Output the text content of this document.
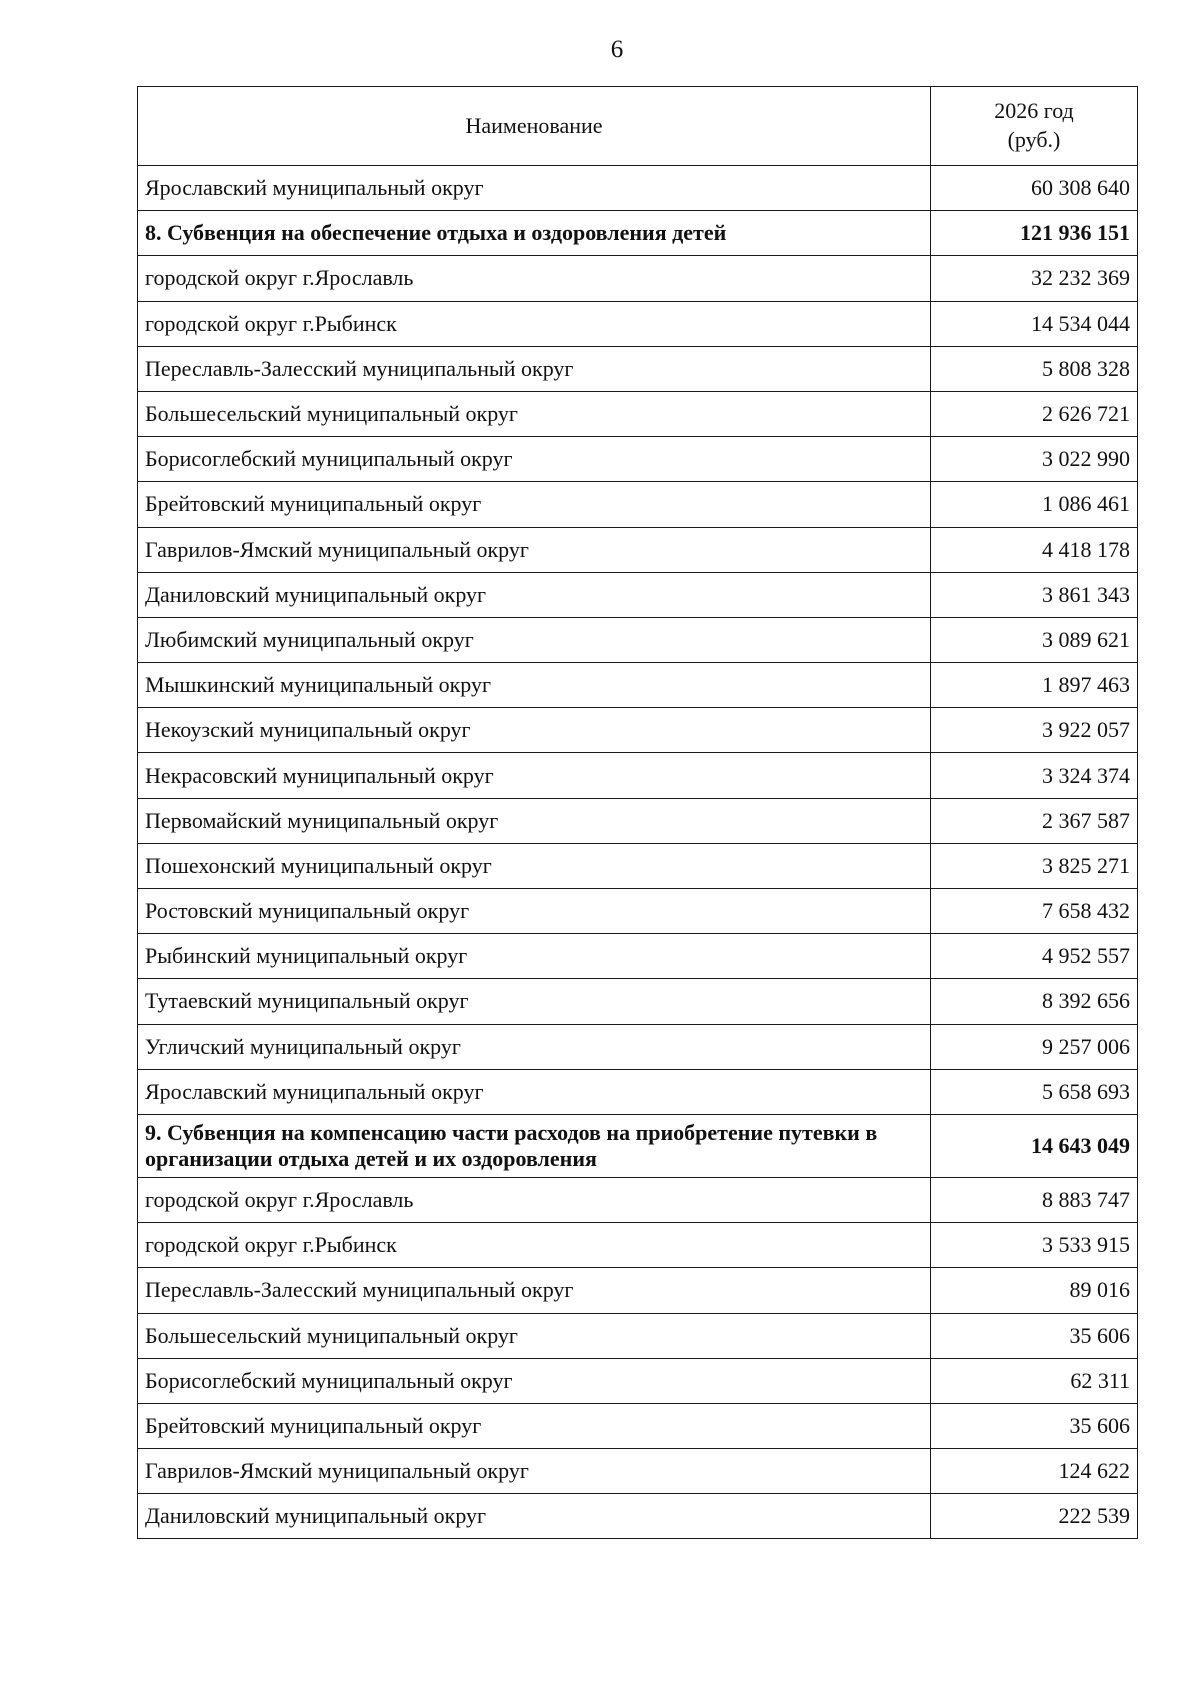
6
Наименование	2026 год
(руб.)

Ярославский муниципальный округ	60 308 640
8. Субвенция на обеспечение отдыха и оздоровления детей	121 936 151
городской округ г.Ярославль	32 232 369
городской округ г.Рыбинск	14 534 044
Переславль-Залесский муниципальный округ	5 808 328
Большесельский муниципальный округ	2 626 721
Борисоглебский муниципальный округ	3 022 990
Брейтовский муниципальный округ	1 086 461
Гаврилов-Ямский муниципальный округ	4 418 178
Даниловский муниципальный округ	3 861 343
Любимский муниципальный округ	3 089 621
Мышкинский муниципальный округ	1 897 463
Некоузский муниципальный округ	3 922 057
Некрасовский муниципальный округ	3 324 374
Первомайский муниципальный округ	2 367 587
Пошехонский муниципальный округ	3 825 271
Ростовский муниципальный округ	7 658 432
Рыбинский муниципальный округ	4 952 557
Тутаевский муниципальный округ	8 392 656
Угличский муниципальный округ	9 257 006
Ярославский муниципальный округ	5 658 693
9. Субвенция на компенсацию части расходов на приобретение путевки в организации отдыха детей и их оздоровления	14 643 049
городской округ г.Ярославль	8 883 747
городской округ г.Рыбинск	3 533 915
Переславль-Залесский муниципальный округ	89 016
Большесельский муниципальный округ	35 606
Борисоглебский муниципальный округ	62 311
Брейтовский муниципальный округ	35 606
Гаврилов-Ямский муниципальный округ	124 622
Даниловский муниципальный округ	222 539
